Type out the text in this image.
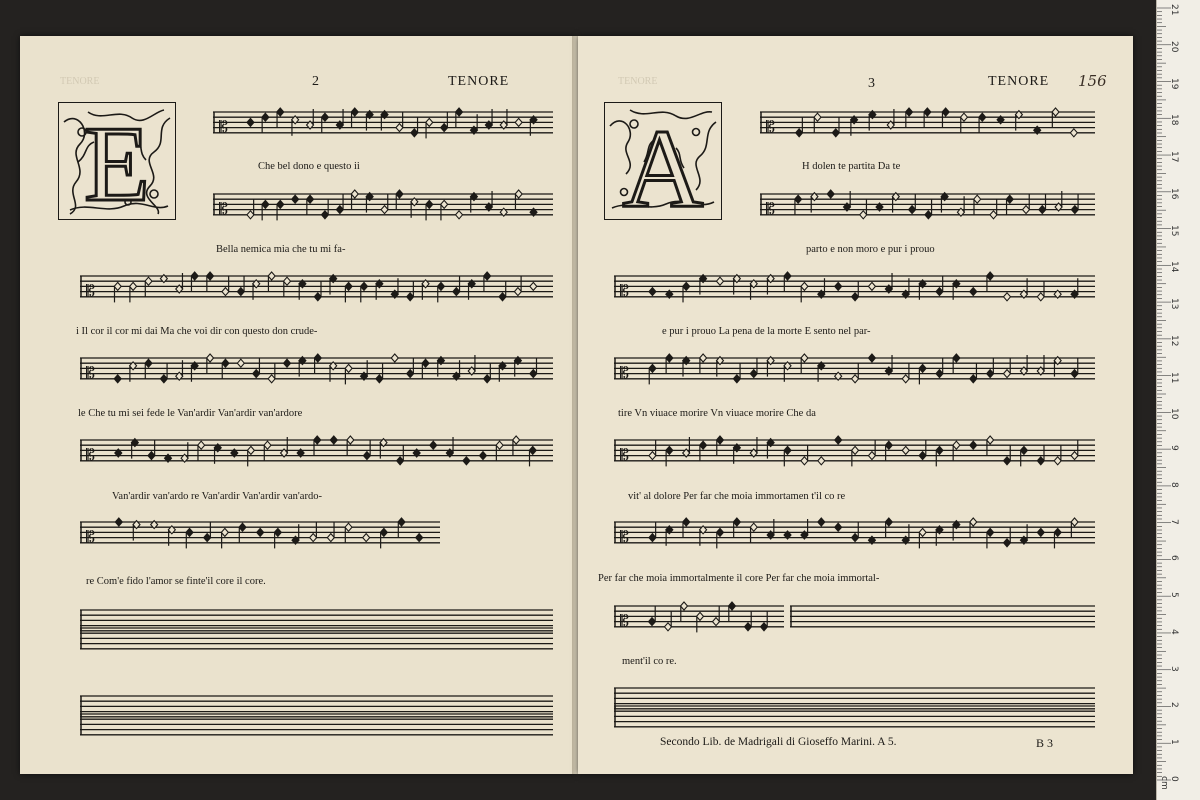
TENORE	2	TENORE
E	Che bel dono e questo ii
Bella nemica mia che tu mi fa-
i Il cor il cor mi dai Ma che voi dir con questo don crude-
le Che tu mi sei fede le Van'ardir Van'ardir van'ardore
Van'ardir van'ardo re Van'ardir Van'ardir van'ardo-
re Com'e fido l'amor se finte'il core il core.
TENORE	3	TENORE 156
A	H dolen te partita Da te
parto e non moro e pur i prouo
e pur i prouo La pena de la morte E sento nel par-
tire Vn viuace morire Vn viuace morire Che da
vit' al dolore Per far che moia immortamen t'il co re
Per far che moia immortalmente il core Per far che moia immortal-
ment'il co re.
Secondo Lib. de Madrigali di Gioseffo Marini. A 5.	B 3
𝄡
𝄡
𝄡
𝄡
𝄡
𝄡
𝄡
𝄡
𝄡
𝄡
𝄡
𝄡
𝄡
21
20
19
18
17
16
15
14
13
12
11
10
9
8
7
6
5
4
3
2
1
0 cm
